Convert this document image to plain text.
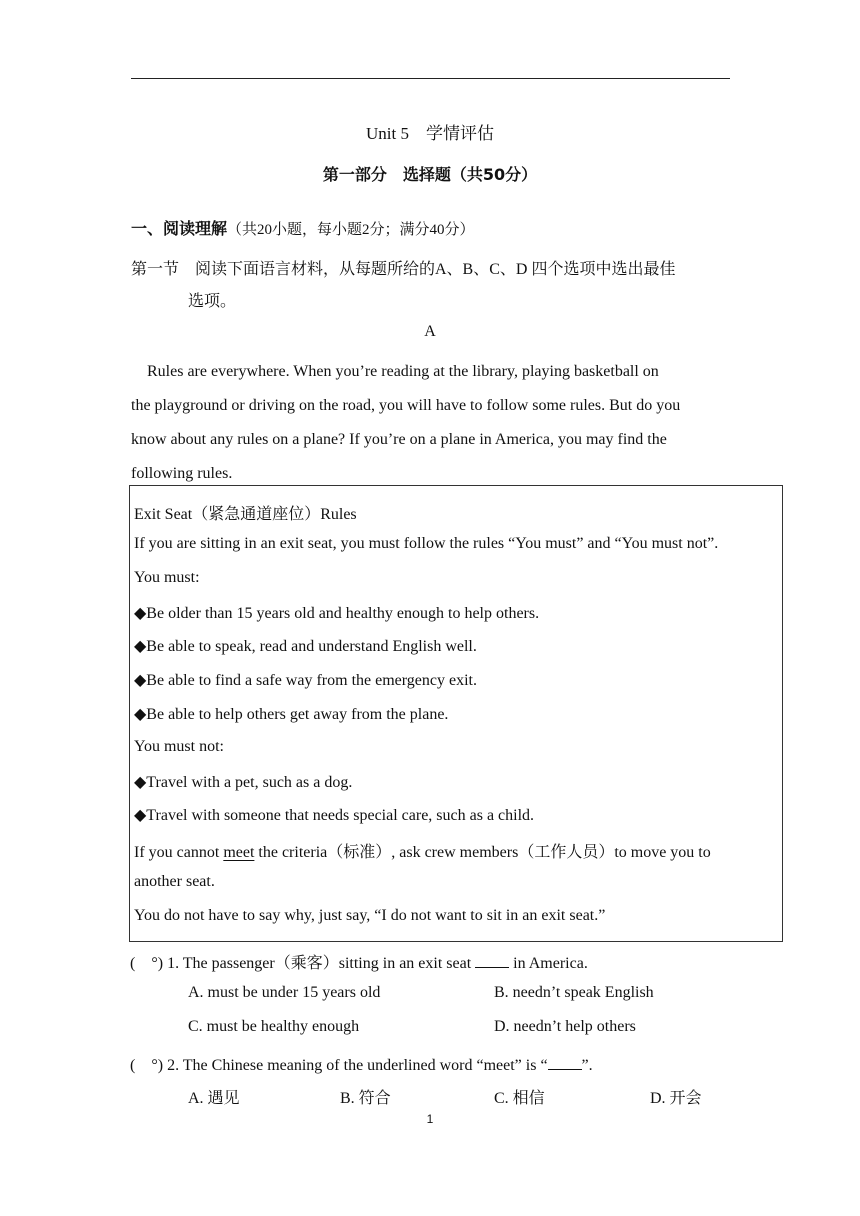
Unit 5　学情评估
第一部分　选择题（共50分）
一、阅读理解（共20小题，每小题2分；满分40分）
第一节　阅读下面语言材料，从每题所给的A、B、C、D 四个选项中选出最佳
选项。
A

Rules are everywhere. When you’re reading at the library, playing basketball on

the playground or driving on the road, you will have to follow some rules. But do you

know about any rules on a plane? If you’re on a plane in America, you may find the

following rules.

Exit Seat（紧急通道座位）Rules
If you are sitting in an exit seat, you must follow the rules “You must” and “You must not”.
You must:
◆Be older than 15 years old and healthy enough to help others.
◆Be able to speak, read and understand English well.
◆Be able to find a safe way from the emergency exit.
◆Be able to help others get away from the plane.
You must not:
◆Travel with a pet, such as a dog.
◆Travel with someone that needs special care, such as a child.
If you cannot meet the criteria（标准）, ask crew members（工作人员）to move you to
another seat.
You do not have to say why, just say, “I do not want to sit in an exit seat.”
(　°) 1. The passenger（乘客）sitting in an exit seat  in America.
A. must be under 15 years old	B. needn’t speak English
C. must be healthy enough	D. needn’t help others
(　°) 2. The Chinese meaning of the underlined word “meet” is “ ”.
A. 遇见	B. 符合	C. 相信	D. 开会
1
